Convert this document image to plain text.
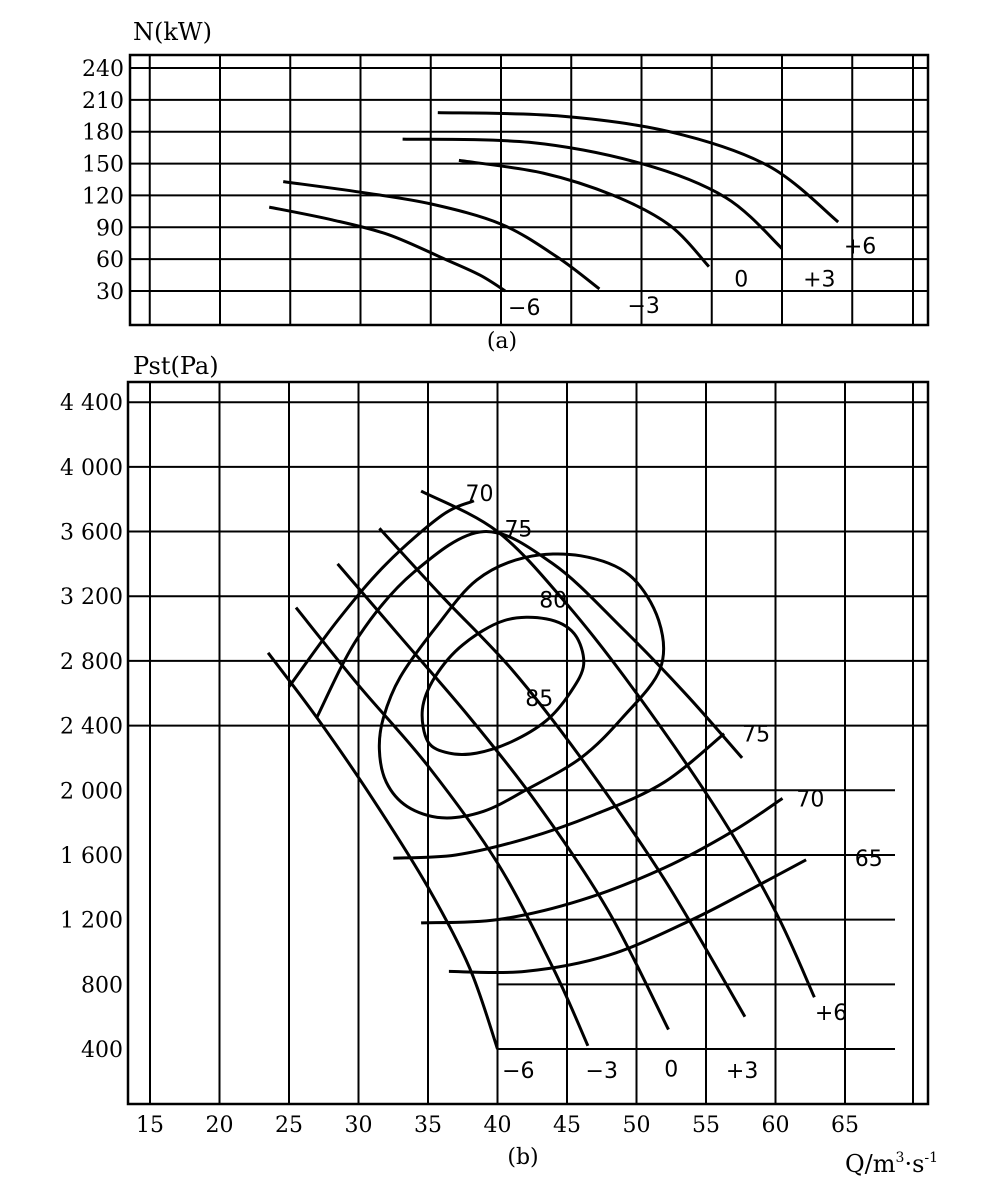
N(kW)
240
210
180
150
120
90
60
30
−6	−3
0 +3
+6
(a)
Pst(Pa)
4 400
4 000
3 600
3 200
2 800
2 400
2 000
1 600
1 200
800
400
15 20 25 30 35 40 45 50 55 60 65
85
80
75
70
70
65
75
−6 −3 0 +3
+6
(b)	$Q/m^3\cdot s^{-1}$
